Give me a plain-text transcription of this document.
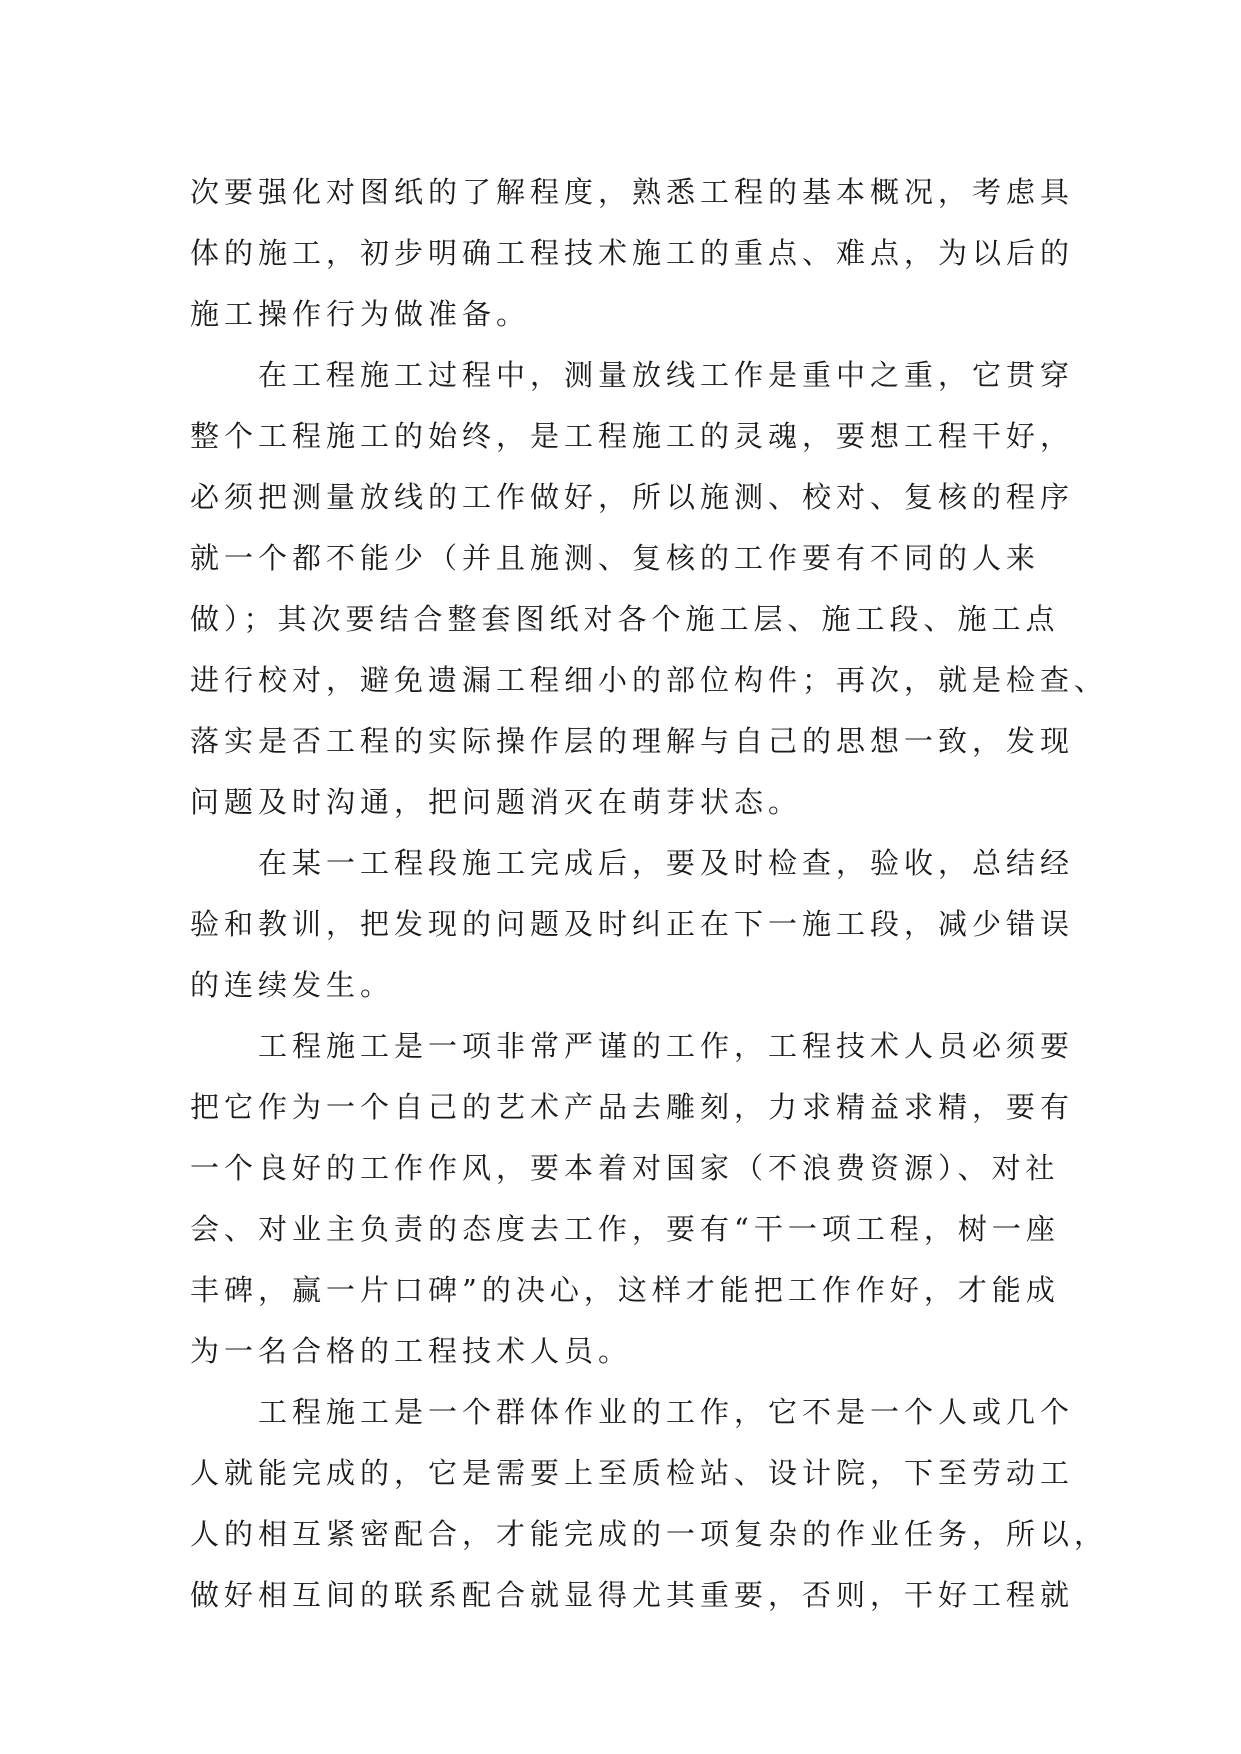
次要强化对图纸的了解程度，熟悉工程的基本概况，考虑具
体的施工，初步明确工程技术施工的重点、难点，为以后的
施工操作行为做准备。
　　在工程施工过程中，测量放线工作是重中之重，它贯穿
整个工程施工的始终，是工程施工的灵魂，要想工程干好，
必须把测量放线的工作做好，所以施测、校对、复核的程序
就一个都不能少（并且施测、复核的工作要有不同的人来
做）；其次要结合整套图纸对各个施工层、施工段、施工点
进行校对，避免遗漏工程细小的部位构件；再次，就是检查、
落实是否工程的实际操作层的理解与自己的思想一致，发现
问题及时沟通，把问题消灭在萌芽状态。
　　在某一工程段施工完成后，要及时检查，验收，总结经
验和教训，把发现的问题及时纠正在下一施工段，减少错误
的连续发生。
　　工程施工是一项非常严谨的工作，工程技术人员必须要
把它作为一个自己的艺术产品去雕刻，力求精益求精，要有
一个良好的工作作风，要本着对国家（不浪费资源）、对社
会、对业主负责的态度去工作，要有“干一项工程，树一座
丰碑，赢一片口碑”的决心，这样才能把工作作好，才能成
为一名合格的工程技术人员。
　　工程施工是一个群体作业的工作，它不是一个人或几个
人就能完成的，它是需要上至质检站、设计院，下至劳动工
人的相互紧密配合，才能完成的一项复杂的作业任务，所以，
做好相互间的联系配合就显得尤其重要，否则，干好工程就
